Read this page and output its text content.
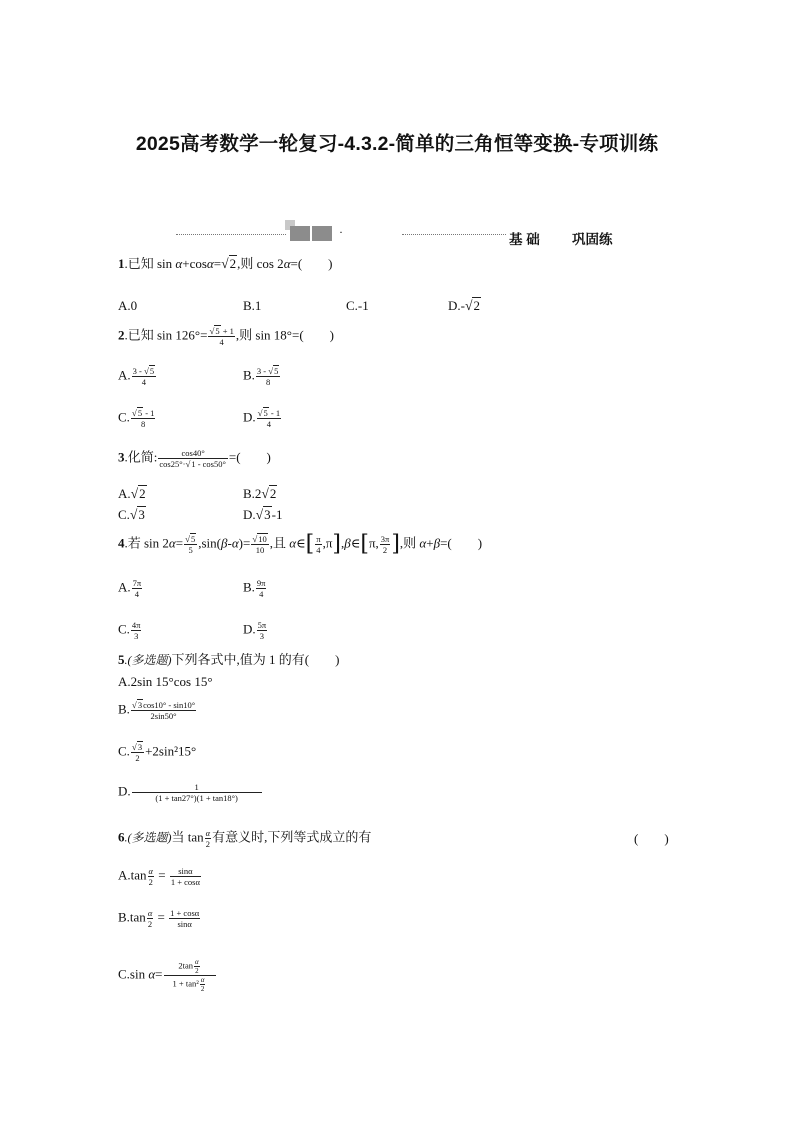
2025高考数学一轮复习-4.3.2-简单的三角恒等变换-专项训练
·	基 础 巩固练
1.已知 sin α+cosα=√2,则 cos 2α=(　　)
A.0	B.1	C.-1	D.-√2
2.已知 $\sin 126^\circ= \frac{√5 + 1}{4}$ ,则 sin 18°=(　　)
A. $\frac{3 - √5}{4}$	B. $\frac{3 - √5}{8}$
C. $\frac{√5 - 1}{8}$	D. $\frac{√5 - 1}{4}$
3.化简: $\frac{\cos 40^\circ}{\cos 25^\circ\cdot√1 - \cos 50^\circ}$ =(　　)
A.√2	B.2√2
C.√3	D.√3-1
4.若 $\sin 2\alpha= \frac{√5}{5} ,\sin(\beta-\alpha)= \frac{√10}{10}$ ,且 α∈[ $\frac{\pi}{4}$ ,π],β∈[π, $\frac{3\pi}{2}$ ],则 α+β=(　　)
A. $\frac{7\pi}{4}$	B. $\frac{9\pi}{4}$
C. $\frac{4\pi}{3}$	D. $\frac{5\pi}{3}$
5.(多选题)下列各式中,值为 1 的有(　　)
A.2sin 15°cos 15°
B. $\frac{√3\cos 10^\circ - \sin 10^\circ}{2\sin 50^\circ}$
C. $\frac{√3}{2} +2\sin^215^\circ$
D. $\frac{1}{(1 + \tan 27^\circ)(1 + \tan 18^\circ)}$
6.(多选题)当 $\tan \frac{\alpha}{2}$ 有意义时,下列等式成立的有	(　　)
$A.\tan \frac{\alpha}{2} = \frac{\sin\alpha}{1 + \cos\alpha}$
$B.\tan \frac{\alpha}{2} = \frac{1 + \cos\alpha}{\sin\alpha}$
C.sin $\alpha= \frac{2\tan \frac{\alpha}{2}}{1 + \tan^2 \frac{\alpha}{2}}$
